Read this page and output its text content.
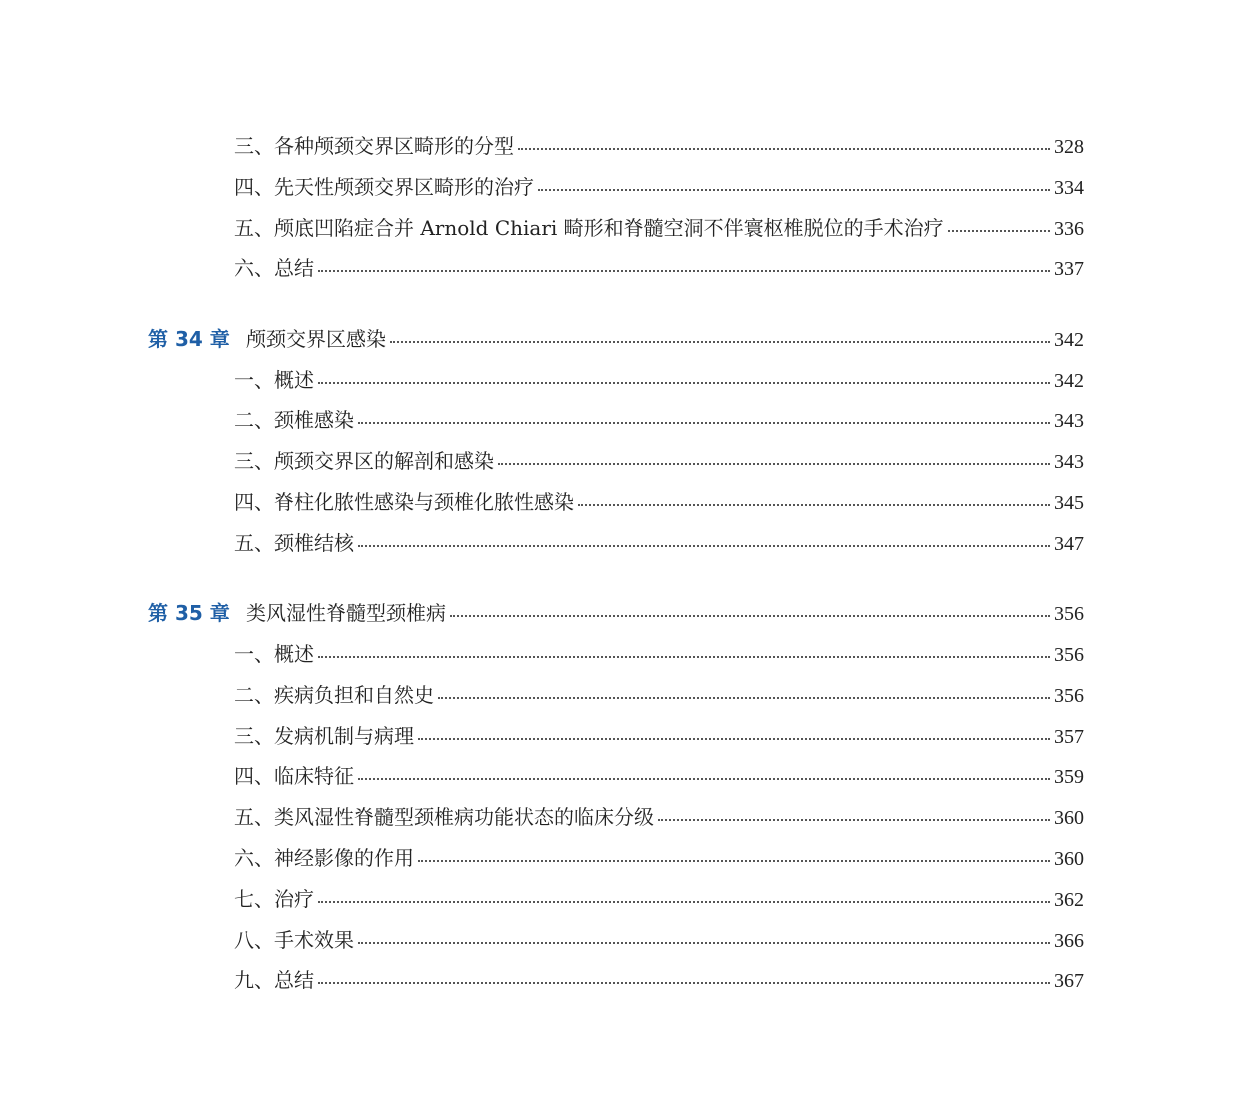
三、各种颅颈交界区畸形的分型	328
四、先天性颅颈交界区畸形的治疗	334
五、颅底凹陷症合并 Arnold Chiari 畸形和脊髓空洞不伴寰枢椎脱位的手术治疗	336
六、总结	337
第 34 章 颅颈交界区感染	342
一、概述	342
二、颈椎感染	343
三、颅颈交界区的解剖和感染	343
四、脊柱化脓性感染与颈椎化脓性感染	345
五、颈椎结核	347
第 35 章 类风湿性脊髓型颈椎病	356
一、概述	356
二、疾病负担和自然史	356
三、发病机制与病理	357
四、临床特征	359
五、类风湿性脊髓型颈椎病功能状态的临床分级	360
六、神经影像的作用	360
七、治疗	362
八、手术效果	366
九、总结	367
